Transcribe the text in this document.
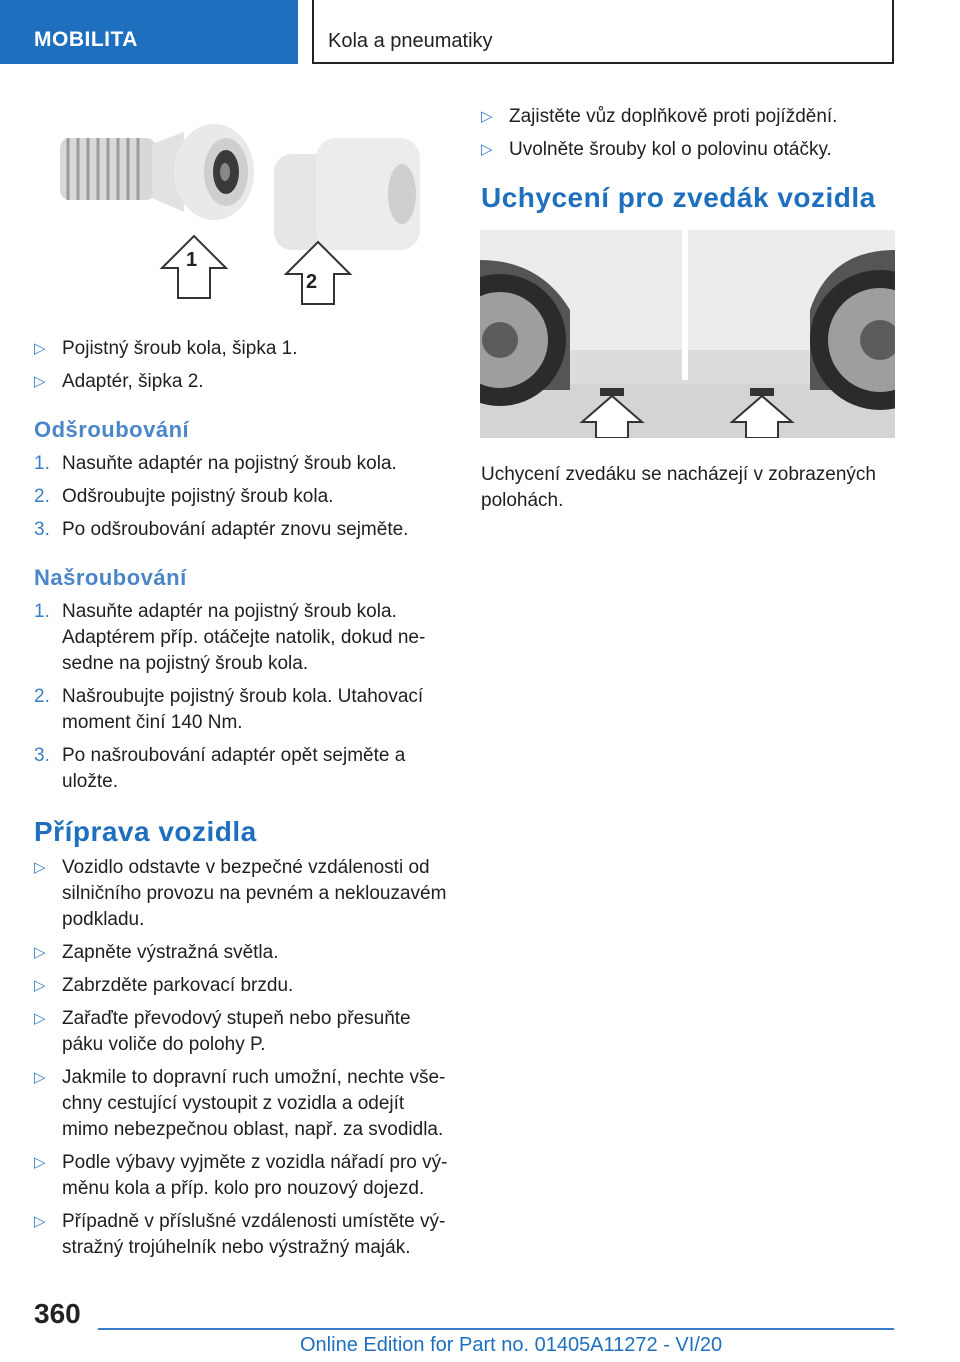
MOBILITA	Kola a pneumatiky
1
2
▷ Pojistný šroub kola, šipka 1.
▷ Adaptér, šipka 2.
Odšroubování
1. Nasuňte adaptér na pojistný šroub kola.
2. Odšroubujte pojistný šroub kola.
3. Po odšroubování adaptér znovu sejměte.
Našroubování
1. Nasuňte adaptér na pojistný šroub kola. Adaptérem příp. otáčejte natolik, dokud ne-sedne na pojistný šroub kola.
2. Našroubujte pojistný šroub kola. Utahovací moment činí 140 Nm.
3. Po našroubování adaptér opět sejměte a uložte.
Příprava vozidla
▷ Vozidlo odstavte v bezpečné vzdálenosti od silničního provozu na pevném a neklouzavém podkladu.
▷ Zapněte výstražná světla.
▷ Zabrzděte parkovací brzdu.
▷ Zařaďte převodový stupeň nebo přesuňte páku voliče do polohy P.
▷ Jakmile to dopravní ruch umožní, nechte vše-chny cestující vystoupit z vozidla a odejít mimo nebezpečnou oblast, např. za svodidla.
▷ Podle výbavy vyjměte z vozidla nářadí pro vý-měnu kola a příp. kolo pro nouzový dojezd.
▷ Případně v příslušné vzdálenosti umístěte vý-stražný trojúhelník nebo výstražný maják.
▷ Zajistěte vůz doplňkově proti pojíždění.
▷ Uvolněte šrouby kol o polovinu otáčky.
Uchycení pro zvedák vozidla
Uchycení zvedáku se nacházejí v zobrazených polohách.
360
Online Edition for Part no. 01405A11272 - VI/20
